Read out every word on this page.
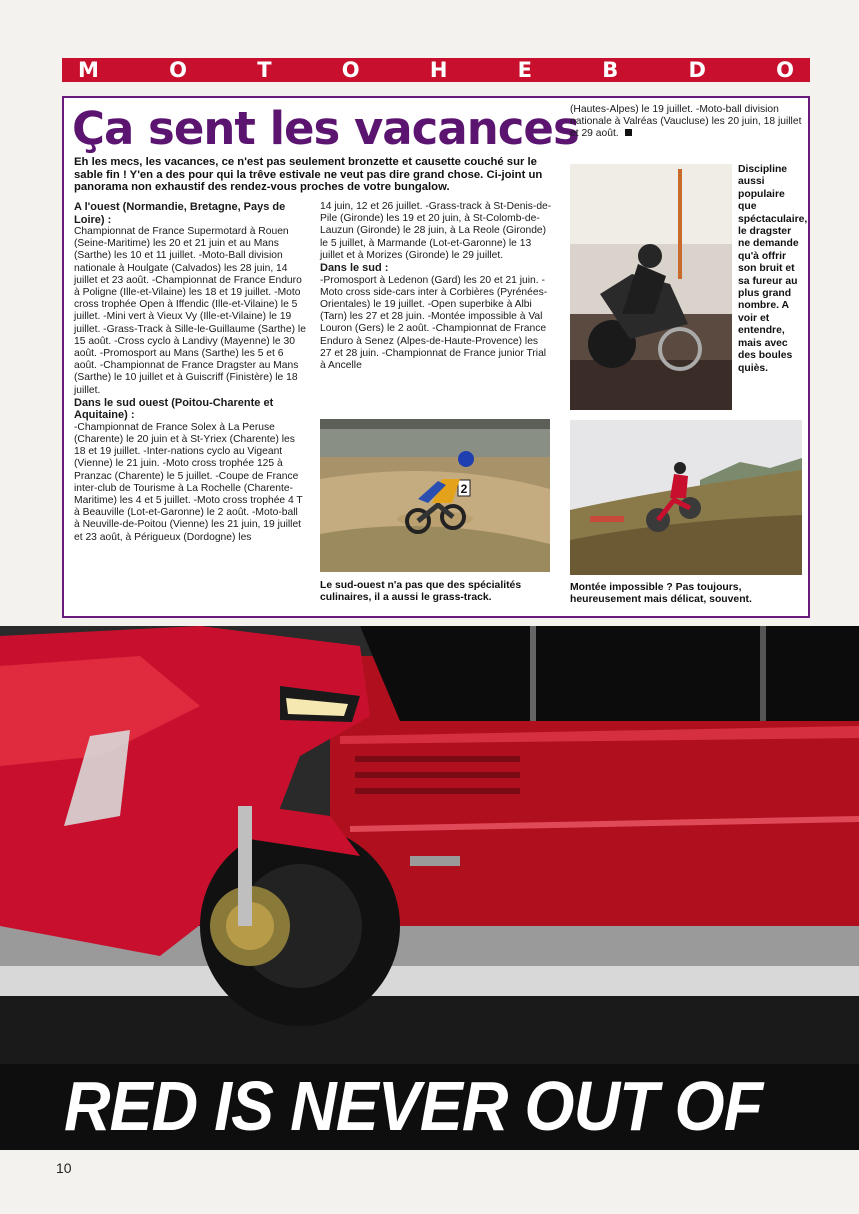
M	O	T	O	H	E	B	D	O
Ça sent les vacances

Eh les mecs, les vacances, ce n'est pas seulement bronzette et causette couché sur le sable fin ! Y'en a des pour qui la trêve estivale ne veut pas dire grand chose. Ci-joint un panorama non exhaustif des rendez-vous proches de votre bungalow.

A l'ouest (Normandie, Bretagne, Pays de Loire) :

Championnat de France Supermotard à Rouen (Seine-Maritime) les 20 et 21 juin et au Mans (Sarthe) les 10 et 11 juillet. -Moto-Ball division nationale à Houlgate (Calvados) les 28 juin, 14 juillet et 23 août. -Championnat de France Enduro à Poligne (Ille-et-Vilaine) les 18 et 19 juillet. -Moto cross trophée Open à Iffendic (Ille-et-Vilaine) le 5 juillet. -Mini vert à Vieux Vy (Ille-et-Vilaine) le 19 juillet. -Grass-Track à Sille-le-Guillaume (Sarthe) le 15 août. -Cross cyclo à Landivy (Mayenne) le 30 août. -Promosport au Mans (Sarthe) les 5 et 6 août. -Championnat de France Dragster au Mans (Sarthe) le 10 juillet et à Guiscriff (Finistère) le 18 juillet.

Dans le sud ouest (Poitou-Charente et Aquitaine) :

-Championnat de France Solex à La Peruse (Charente) le 20 juin et à St-Yriex (Charente) les 18 et 19 juillet. -Inter-nations cyclo au Vigeant (Vienne) le 21 juin. -Moto cross trophée 125 à Pranzac (Charente) le 5 juillet. -Coupe de France inter-club de Tourisme à La Rochelle (Charente-Maritime) les 4 et 5 juillet. -Moto cross trophée 4 T à Beauville (Lot-et-Garonne) le 2 août. -Moto-ball à Neuville-de-Poitou (Vienne) les 21 juin, 19 juillet et 23 août, à Périgueux (Dordogne) les

14 juin, 12 et 26 juillet. -Grass-track à St-Denis-de-Pile (Gironde) les 19 et 20 juin, à St-Colomb-de-Lauzun (Gironde) le 28 juin, à La Reole (Gironde) le 5 juillet, à Marmande (Lot-et-Garonne) le 13 juillet et à Morizes (Gironde) le 29 juillet.

Dans le sud :

-Promosport à Ledenon (Gard) les 20 et 21 juin. -Moto cross side-cars inter à Corbières (Pyrénées-Orientales) le 19 juillet. -Open superbike à Albi (Tarn) les 27 et 28 juin. -Montée impossible à Val Louron (Gers) le 2 août. -Championnat de France Enduro à Senez (Alpes-de-Haute-Provence) les 27 et 28 juin. -Championnat de France junior Trial à Ancelle

(Hautes-Alpes) le 19 juillet. -Moto-ball division nationale à Valréas (Vaucluse) les 20 juin, 18 juillet et 29 août.

2

Le sud-ouest n'a pas que des spécialités culinaires, il a aussi le grass-track.

Discipline aussi populaire que spéctaculaire, le dragster ne demande qu'à offrir son bruit et sa fureur au plus grand nombre. A voir et entendre, mais avec des boules quiès.

Montée impossible ? Pas toujours, heureusement mais délicat, souvent.

RED IS NEVER OUT OF
10
